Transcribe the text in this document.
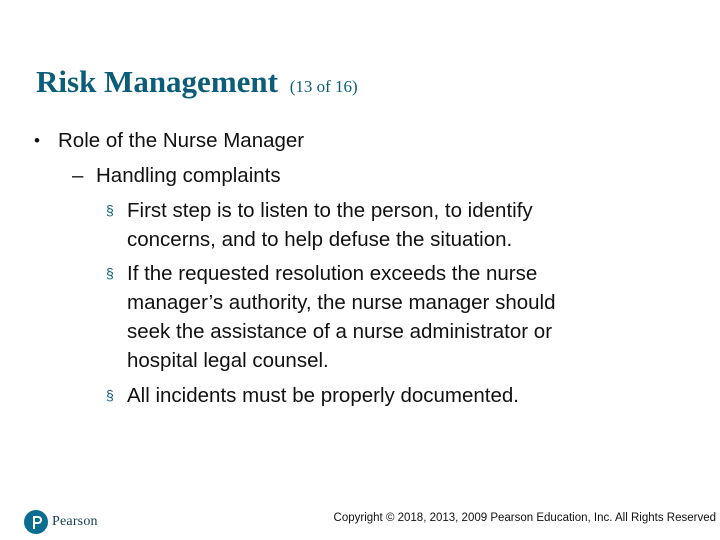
Risk Management (13 of 16)
• Role of the Nurse Manager
– Handling complaints
§ First step is to listen to the person, to identify
concerns, and to help defuse the situation.
§ If the requested resolution exceeds the nurse
manager’s authority, the nurse manager should
seek the assistance of a nurse administrator or
hospital legal counsel.
§ All incidents must be properly documented.
Pearson	Copyright © 2018, 2013, 2009 Pearson Education, Inc. All Rights Reserved
